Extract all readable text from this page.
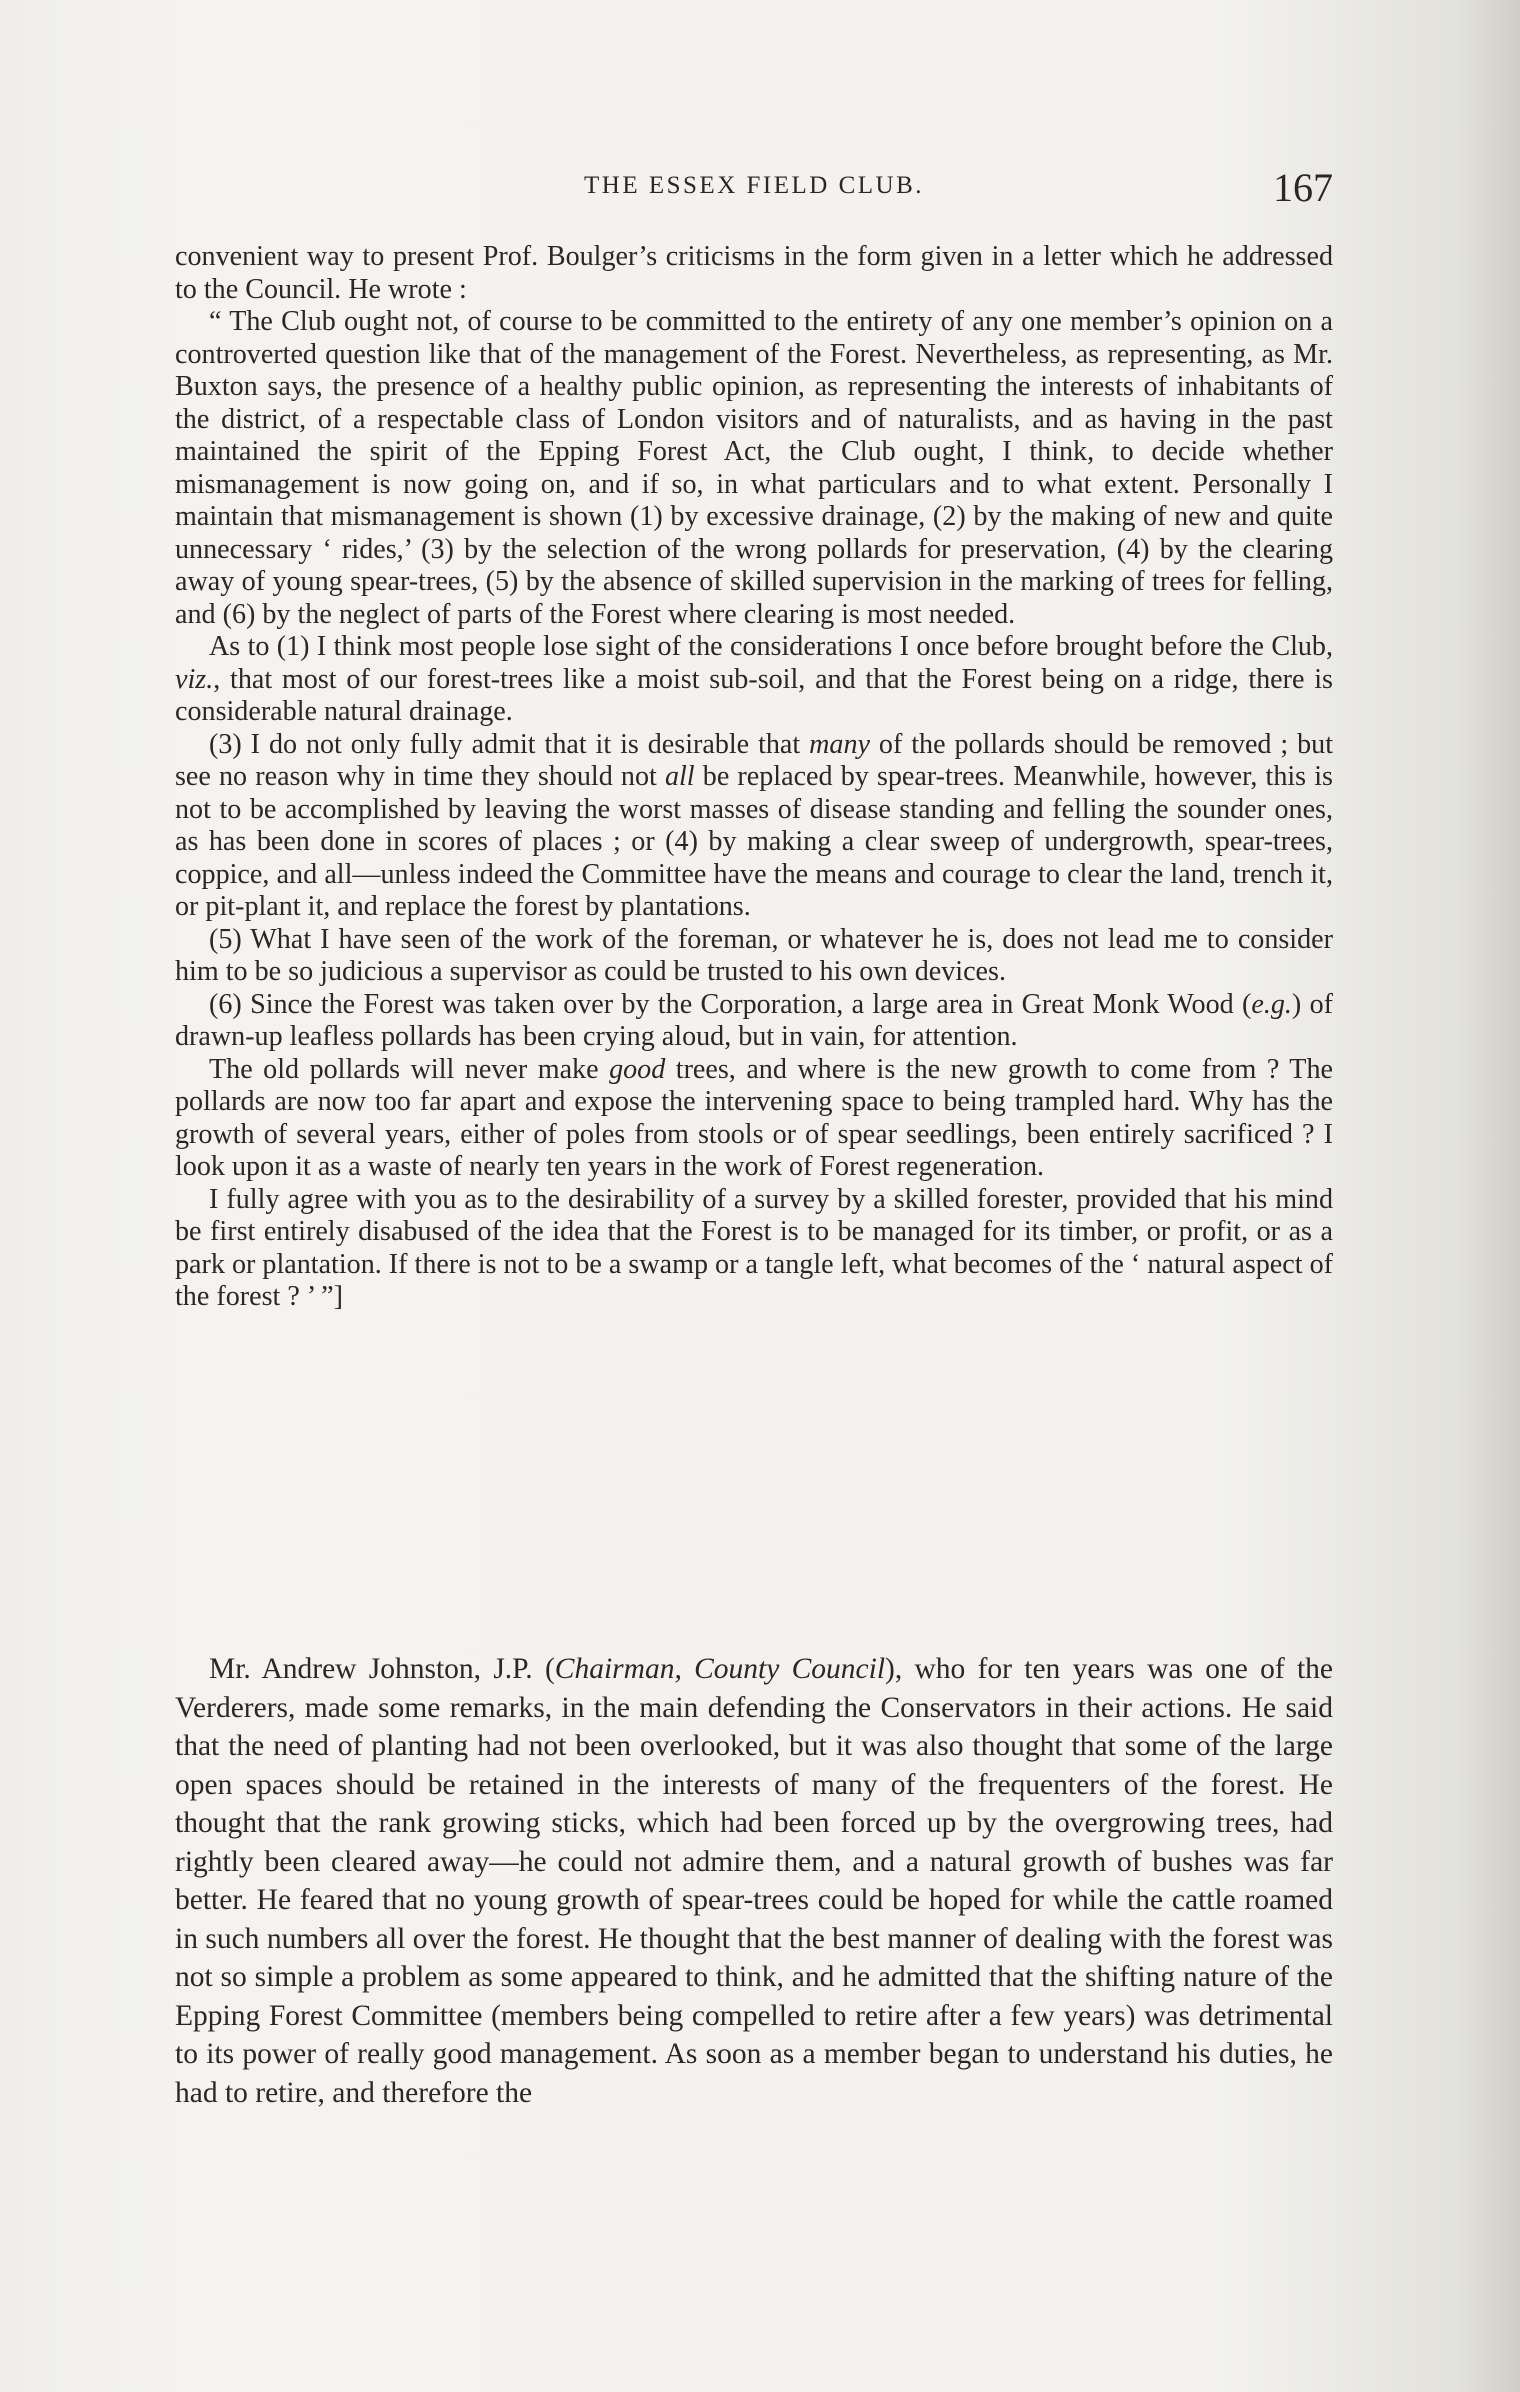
THE ESSEX FIELD CLUB.	167

convenient way to present Prof. Boulger’s criticisms in the form given in a letter which he addressed to the Council. He wrote :

“ The Club ought not, of course to be committed to the entirety of any one member’s opinion on a controverted question like that of the management of the Forest. Nevertheless, as representing, as Mr. Buxton says, the presence of a healthy public opinion, as representing the interests of inhabitants of the district, of a respectable class of London visitors and of naturalists, and as having in the past maintained the spirit of the Epping Forest Act, the Club ought, I think, to decide whether mismanagement is now going on, and if so, in what particulars and to what extent. Personally I maintain that mismanagement is shown (1) by excessive drainage, (2) by the making of new and quite unnecessary ‘ rides,’ (3) by the selection of the wrong pollards for preservation, (4) by the clearing away of young spear-trees, (5) by the absence of skilled supervision in the marking of trees for felling, and (6) by the neglect of parts of the Forest where clearing is most needed.

As to (1) I think most people lose sight of the considerations I once before brought before the Club, viz., that most of our forest-trees like a moist sub-soil, and that the Forest being on a ridge, there is considerable natural drainage.

(3) I do not only fully admit that it is desirable that many of the pollards should be removed ; but see no reason why in time they should not all be replaced by spear-trees. Meanwhile, however, this is not to be accomplished by leaving the worst masses of disease standing and felling the sounder ones, as has been done in scores of places ; or (4) by making a clear sweep of undergrowth, spear-trees, coppice, and all—unless indeed the Committee have the means and courage to clear the land, trench it, or pit-plant it, and replace the forest by plantations.

(5) What I have seen of the work of the foreman, or whatever he is, does not lead me to consider him to be so judicious a supervisor as could be trusted to his own devices.

(6) Since the Forest was taken over by the Corporation, a large area in Great Monk Wood (e.g.) of drawn-up leafless pollards has been crying aloud, but in vain, for attention.

The old pollards will never make good trees, and where is the new growth to come from ? The pollards are now too far apart and expose the intervening space to being trampled hard. Why has the growth of several years, either of poles from stools or of spear seedlings, been entirely sacrificed ? I look upon it as a waste of nearly ten years in the work of Forest regeneration.

I fully agree with you as to the desirability of a survey by a skilled forester, provided that his mind be first entirely disabused of the idea that the Forest is to be managed for its timber, or profit, or as a park or plantation. If there is not to be a swamp or a tangle left, what becomes of the ‘ natural aspect of the forest ? ’ ”]

Mr. Andrew Johnston, J.P. (Chairman, County Council), who for ten years was one of the Verderers, made some remarks, in the main defending the Conservators in their actions. He said that the need of planting had not been overlooked, but it was also thought that some of the large open spaces should be retained in the interests of many of the frequenters of the forest. He thought that the rank growing sticks, which had been forced up by the overgrowing trees, had rightly been cleared away—he could not admire them, and a natural growth of bushes was far better. He feared that no young growth of spear-trees could be hoped for while the cattle roamed in such numbers all over the forest. He thought that the best manner of dealing with the forest was not so simple a problem as some appeared to think, and he admitted that the shifting nature of the Epping Forest Committee (members being compelled to retire after a few years) was detrimental to its power of really good management. As soon as a member began to understand his duties, he had to retire, and therefore the
